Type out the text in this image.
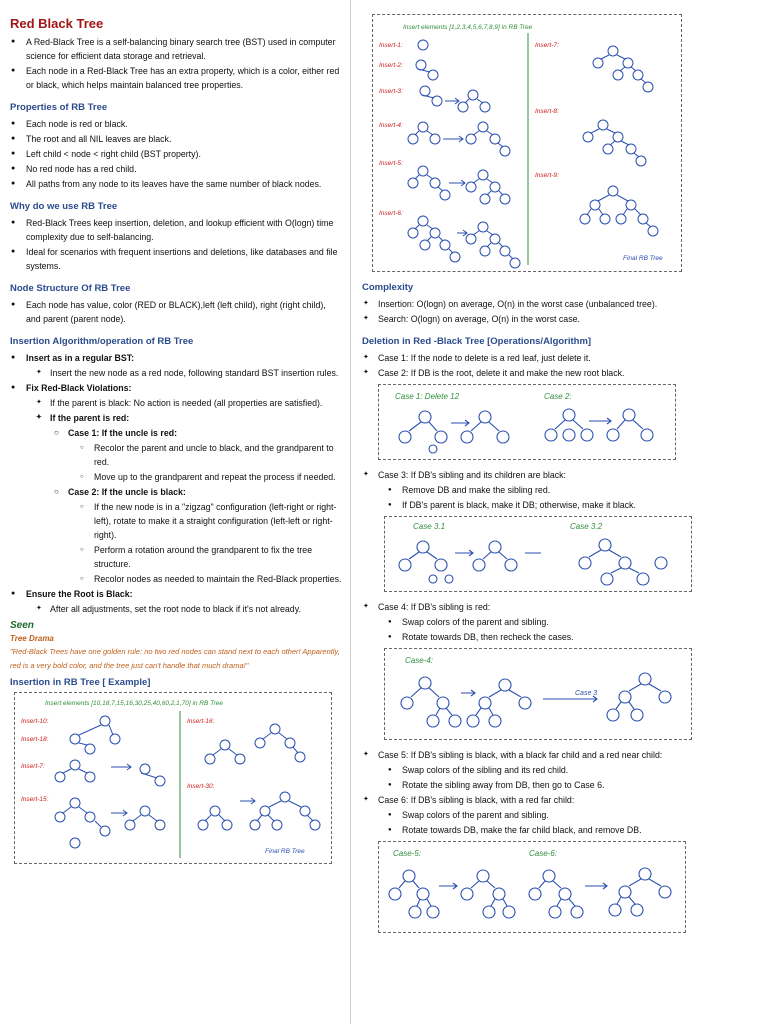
Red Black Tree
● A Red-Black Tree is a self-balancing binary search tree (BST) used in computer science for efficient data storage and retrieval.
● Each node in a Red-Black Tree has an extra property, which is a color, either red or black, which helps maintain balanced tree properties.
Properties of RB Tree
● Each node is red or black.
● The root and all NIL leaves are black.
● Left child < node < right child (BST property).
● No red node has a red child.
● All paths from any node to its leaves have the same number of black nodes.
Why do we use RB Tree
● Red-Black Trees keep insertion, deletion, and lookup efficient with O(logn) time complexity due to self-balancing.
● Ideal for scenarios with frequent insertions and deletions, like databases and file systems.
Node Structure Of RB Tree
● Each node has value, color (RED or BLACK),left (left child), right (right child), and parent (parent node).
Insertion Algorithm/operation of RB Tree
● Insert as in a regular BST:
✦ Insert the new node as a red node, following standard BST insertion rules.
● Fix Red-Black Violations:
✦ If the parent is black: No action is needed (all properties are satisfied).
✦ If the parent is red:
○ Case 1: If the uncle is red:
○ Recolor the parent and uncle to black, and the grandparent to red.
○ Move up to the grandparent and repeat the process if needed.
○ Case 2: If the uncle is black:
○ If the new node is in a "zigzag" configuration (left-right or right-left), rotate to make it a straight configuration (left-left or right-right).
○ Perform a rotation around the grandparent to fix the tree structure.
○ Recolor nodes as needed to maintain the Red-Black properties.
● Ensure the Root is Black:
✦ After all adjustments, set the root node to black if it's not already.
Seen
Tree Drama
"Red-Black Trees have one golden rule: no two red nodes can stand next to each other! Apparently, red is a very bold color, and the tree just can't handle that much drama!"
Insertion in RB Tree [ Example]
Insert elements [10,18,7,15,16,30,25,40,60,2,1,70] in RB Tree
Insert-10:
Insert-18:
Insert-7:
Insert-15:
Insert-16:
Insert-30:
Final RB Tree
Insert elements [1,2,3,4,5,6,7,8,9] in RB Tree
Insert-1:
Insert-2:
Insert-3:
Insert-4:
Insert-5:
Insert-6:
Insert-7:
Insert-8:
Insert-9:
Final RB Tree
Complexity
✦ Insertion: O(logn) on average, O(n) in the worst case (unbalanced tree).
✦ Search: O(logn) on average, O(n) in the worst case.
Deletion in Red -Black Tree [Operations/Algorithm]
✦ Case 1: If the node to delete is a red leaf, just delete it.
✦ Case 2: If DB is the root, delete it and make the new root black.
Case 1: Delete 12	Case 2:
✦ Case 3: If DB's sibling and its children are black:
● Remove DB and make the sibling red.
● If DB's parent is black, make it DB; otherwise, make it black.
Case 3.1	Case 3.2
✦ Case 4: If DB's sibling is red:
● Swap colors of the parent and sibling.
● Rotate towards DB, then recheck the cases.
Case-4:
Case 3
✦ Case 5: If DB's sibling is black, with a black far child and a red near child:
● Swap colors of the sibling and its red child.
● Rotate the sibling away from DB, then go to Case 6.
✦ Case 6: If DB's sibling is black, with a red far child:
● Swap colors of the parent and sibling.
● Rotate towards DB, make the far child black, and remove DB.
Case-5:	Case-6:
